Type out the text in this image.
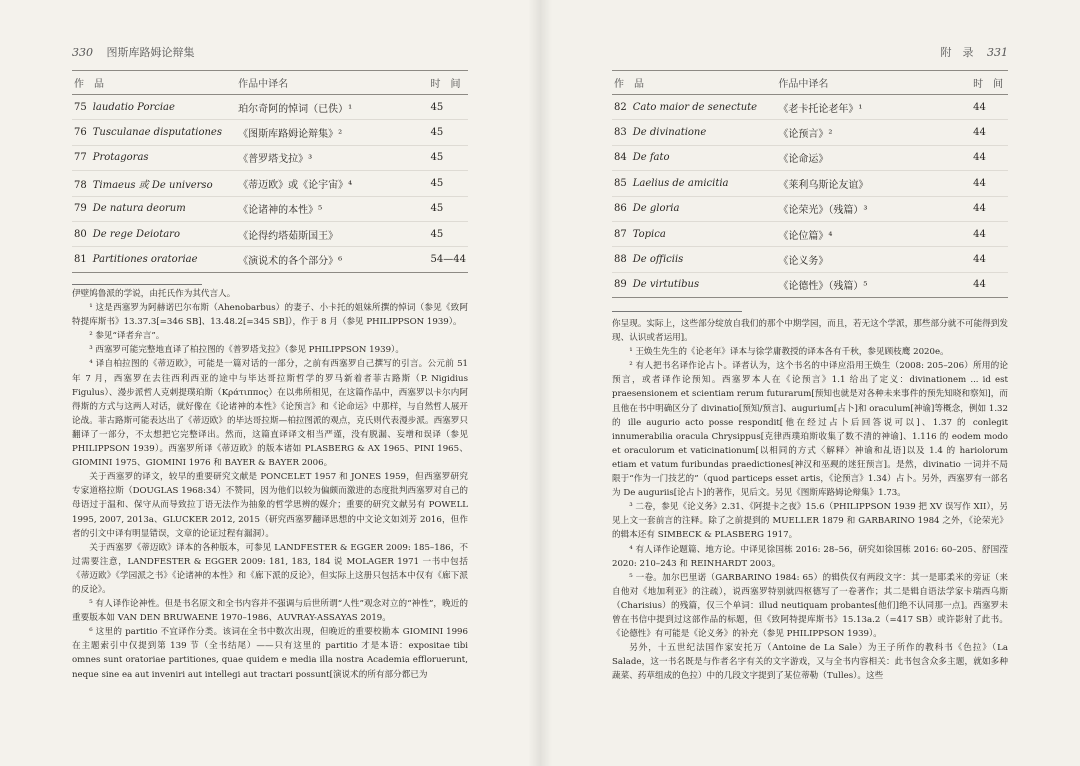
330 图斯库路姆论辩集
作　品	作品中译名	时　间
75 laudatio Porciae	珀尔奇阿的悼词（已佚）¹	45
76 Tusculanae disputationes	《图斯库路姆论辩集》²	45
77 Protagoras	《普罗塔戈拉》³	45
78 Timaeus 或 De universo	《蒂迈欧》或《论宇宙》⁴	45
79 De natura deorum	《论诸神的本性》⁵	45
80 De rege Deiotaro	《论得约塔茹斯国王》	45
81 Partitiones oratoriae	《演说术的各个部分》⁶	54—44

伊壁鸠鲁派的学说，由托氏作为其代言人。

¹ 这是西塞罗为阿赫诺巴尔布斯（Ahenobarbus）的妻子、小卡托的姐妹所撰的悼词（参见《致阿特提库斯书》13.37.3[=346 SB]、13.48.2[=345 SB]），作于 8 月（参见 PHILIPPSON 1939）。

² 参见“译者弁言”。

³ 西塞罗可能完整地直译了柏拉图的《普罗塔戈拉》（参见 PHILIPPSON 1939）。

⁴ 译自柏拉图的《蒂迈欧》，可能是一篇对话的一部分，之前有西塞罗自己撰写的引言。公元前 51 年 7 月，西塞罗在去往西利西亚的途中与毕达哥拉斯哲学的罗马新着者菲古路斯（P. Nigidius Figulus）、漫步派哲人克剌提璞珀斯（Κράτιππος）在以弗所相见，在这篇作品中，西塞罗以卡尔内阿得斯的方式与这两人对话，就好像在《论诸神的本性》《论预言》和《论命运》中那样，与自然哲人展开论战。菲古路斯可能表达出了《蒂迈欧》的毕达哥拉斯—柏拉图派的观点，克氏则代表漫步派。西塞罗只翻译了一部分，不太想把它完整译出。然而，这篇直译译文相当严谨，没有脱漏、妄增和误译（参见 PHILIPPSON 1939）。西塞罗所译《蒂迈欧》的版本诸如 PLASBERG & AX 1965、PINI 1965、GIOMINI 1975、GIOMINI 1976 和 BAYER & BAYER 2006。

关于西塞罗的译文，较早的重要研究文献是 PONCELET 1957 和 JONES 1959，但西塞罗研究专家道格拉斯（DOUGLAS 1968:34）不赞同，因为他们以较为偏颇而激进的态度批判西塞罗对自己的母语过于温和、保守从而导致拉丁语无法作为抽象的哲学思辨的媒介；重要的研究文献另有 POWELL 1995, 2007, 2013a、GLUCKER 2012, 2015（研究西塞罗翻译思想的中文论文如刘芳 2016，但作者的引文中译有明显错误，文章的论证过程有漏洞）。

关于西塞罗《蒂迈欧》译本的各种版本，可参见 LANDFESTER & EGGER 2009: 185–186，不过需要注意，LANDFESTER & EGGER 2009: 181, 183, 184 说 MOLAGER 1971 一书中包括《蒂迈欧》《学园派之书》《论诸神的本性》和《廊下派的反论》，但实际上这册只包括本中仅有《廊下派的反论》。

⁵ 有人译作论神性。但是书名原文和全书内容并不强调与后世所谓“人性”观念对立的“神性”，晚近的重要版本如 VAN DEN BRUWAENE 1970–1986、AUVRAY-ASSAYAS 2019。

⁶ 这里的 partitio 不宜译作分类。该词在全书中数次出现，但晚近的重要校勘本 GIOMINI 1996 在主题索引中仅提到第 139 节（全书结尾）——只有这里的 partitio 才是本语：expositae tibi omnes sunt oratoriae partitiones, quae quidem e media illa nostra Academia effloruerunt, neque sine ea aut inveniri aut intellegi aut tractari possunt[演说术的所有部分都已为

附　录 331
作　品	作品中译名	时　间
82 Cato maior de senectute	《老卡托论老年》¹	44
83 De divinatione	《论预言》²	44
84 De fato	《论命运》	44
85 Laelius de amicitia	《莱利乌斯论友谊》	44
86 De gloria	《论荣光》（残篇）³	44
87 Topica	《论位篇》⁴	44
88 De officiis	《论义务》	44
89 De virtutibus	《论德性》（残篇）⁵	44

你呈现。实际上，这些部分绽放自我们的那个中期学园，而且，若无这个学派，那些部分就不可能得到发现、认识或者运用]。

¹ 王焕生先生的《论老年》译本与徐学庸教授的译本各有千秋，参见顾枝鹰 2020e。

² 有人把书名译作论占卜。译者认为，这个书名的中译应沿用王焕生（2008: 205–206）所用的论预言，或者译作论预知。西塞罗本人在《论预言》1.1 给出了定义：divinationem ... id est praesensionem et scientiam rerum futurarum[预知也就是对各种未来事件的预先知晓和察知]，而且他在书中明确区分了 divinatio[预知/预言]、augurium[占卜]和 oraculum[神谕]等概念，例如 1.32 的 ille augurio acto posse respondit[他在经过占卜后回答说可以]、1.37 的 conlegit innumerabilia oracula Chrysippus[克律西璞珀斯收集了数不清的神谕]、1.116 的 eodem modo et oraculorum et vaticinationum[以相同的方式〈解释〉神谕和乩语]以及 1.4 的 hariolorum etiam et vatum furibundas praedictiones[神汉和巫觋的迷狂预言]。是然，divinatio 一词并不局限于“作为一门技艺的”（quod particeps esset artis，《论预言》1.34）占卜。另外，西塞罗有一部名为 De auguriis[论占卜]的著作，见后文。另见《图斯库路姆论辩集》1.73。

³ 二卷，参见《论义务》2.31、《阿提卡之夜》15.6（PHILIPPSON 1939 把 XV 误写作 XII），另见上文一套前言的注释。除了之前提到的 MUELLER 1879 和 GARBARINO 1984 之外，《论荣光》的辑本还有 SIMBECK & PLASBERG 1917。

⁴ 有人译作论题篇、地方论。中译见徐国栋 2016: 28–56，研究如徐国栋 2016: 60–205、舒国滢 2020: 210–243 和 REINHARDT 2003。

⁵ 一卷。加尔巴里诺（GARBARINO 1984: 65）的辑佚仅有两段文字：其一是耶柔米的旁证（来自他对《地加利亚》的注疏），说西塞罗特别就四枢德写了一卷著作；其二是辑自语法学家卡瑞西乌斯（Charisius）的残篇，仅三个单词：illud neutiquam probantes[他们]绝不认同那一点]。西塞罗未曾在书信中提到过这部作品的标题，但《致阿特提库斯书》15.13a.2（=417 SB）或许影射了此书。《论德性》有可能是《论义务》的补充（参见 PHILIPPSON 1939）。

另外，十五世纪法国作家安托万（Antoine de La Sale）为王子所作的教科书《色拉》（La Salade，这一书名既是与作者名字有关的文字游戏，又与全书内容相关：此书包含众多主题，就如多种蔬菜、药草组成的色拉）中的几段文字提到了某位蒂勒（Tulles）。这些
